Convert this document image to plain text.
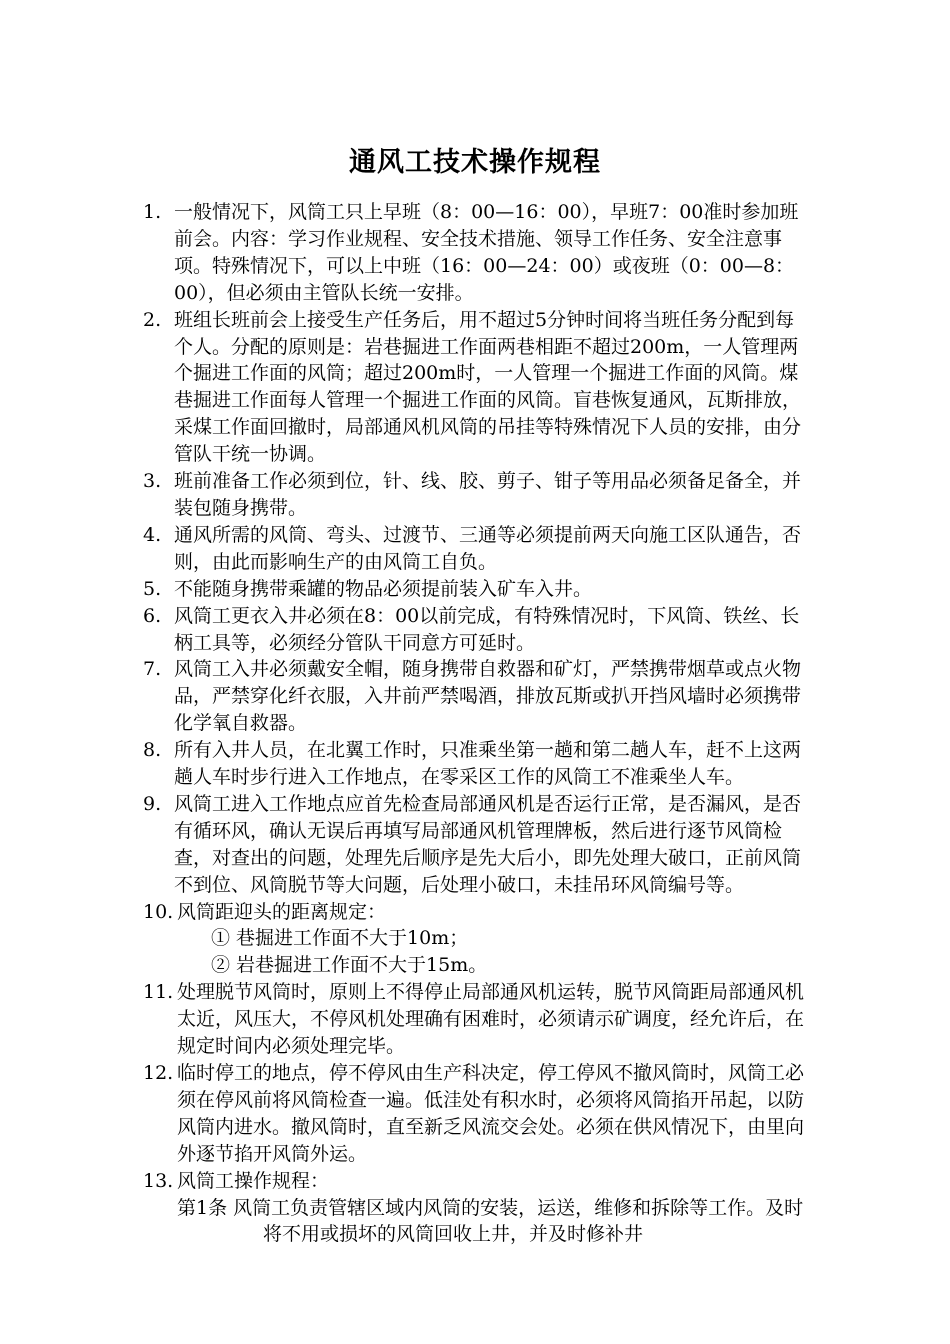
通风工技术操作规程
1. 一般情况下，风筒工只上早班（8：00—16：00），早班7：00准时参加班前会。内容：学习作业规程、安全技术措施、领导工作任务、安全注意事项。特殊情况下，可以上中班（16：00—24：00）或夜班（0：00—8：00），但必须由主管队长统一安排。
2. 班组长班前会上接受生产任务后，用不超过5分钟时间将当班任务分配到每个人。分配的原则是：岩巷掘进工作面两巷相距不超过200m，一人管理两个掘进工作面的风筒；超过200m时，一人管理一个掘进工作面的风筒。煤巷掘进工作面每人管理一个掘进工作面的风筒。盲巷恢复通风，瓦斯排放，采煤工作面回撤时，局部通风机风筒的吊挂等特殊情况下人员的安排，由分管队干统一协调。
3. 班前准备工作必须到位，针、线、胶、剪子、钳子等用品必须备足备全，并装包随身携带。
4. 通风所需的风筒、弯头、过渡节、三通等必须提前两天向施工区队通告，否则，由此而影响生产的由风筒工自负。
5. 不能随身携带乘罐的物品必须提前装入矿车入井。
6. 风筒工更衣入井必须在8：00以前完成，有特殊情况时，下风筒、铁丝、长柄工具等，必须经分管队干同意方可延时。
7. 风筒工入井必须戴安全帽，随身携带自救器和矿灯，严禁携带烟草或点火物品，严禁穿化纤衣服，入井前严禁喝酒，排放瓦斯或扒开挡风墙时必须携带化学氧自救器。
8. 所有入井人员，在北翼工作时，只准乘坐第一趟和第二趟人车，赶不上这两趟人车时步行进入工作地点，在零采区工作的风筒工不准乘坐人车。
9. 风筒工进入工作地点应首先检查局部通风机是否运行正常，是否漏风，是否有循环风，确认无误后再填写局部通风机管理牌板，然后进行逐节风筒检查，对查出的问题，处理先后顺序是先大后小，即先处理大破口，正前风筒不到位、风筒脱节等大问题，后处理小破口，未挂吊环风筒编号等。
10. 风筒距迎头的距离规定：
① 巷掘进工作面不大于10m；
② 岩巷掘进工作面不大于15m。
11. 处理脱节风筒时，原则上不得停止局部通风机运转，脱节风筒距局部通风机太近，风压大，不停风机处理确有困难时，必须请示矿调度，经允许后，在规定时间内必须处理完毕。
12. 临时停工的地点，停不停风由生产科决定，停工停风不撤风筒时，风筒工必须在停风前将风筒检查一遍。低洼处有积水时，必须将风筒掐开吊起，以防风筒内进水。撤风筒时，直至新乏风流交会处。必须在供风情况下，由里向外逐节掐开风筒外运。
13. 风筒工操作规程：
第1条 风筒工负责管辖区域内风筒的安装，运送，维修和拆除等工作。及时将不用或损坏的风筒回收上井，并及时修补井
